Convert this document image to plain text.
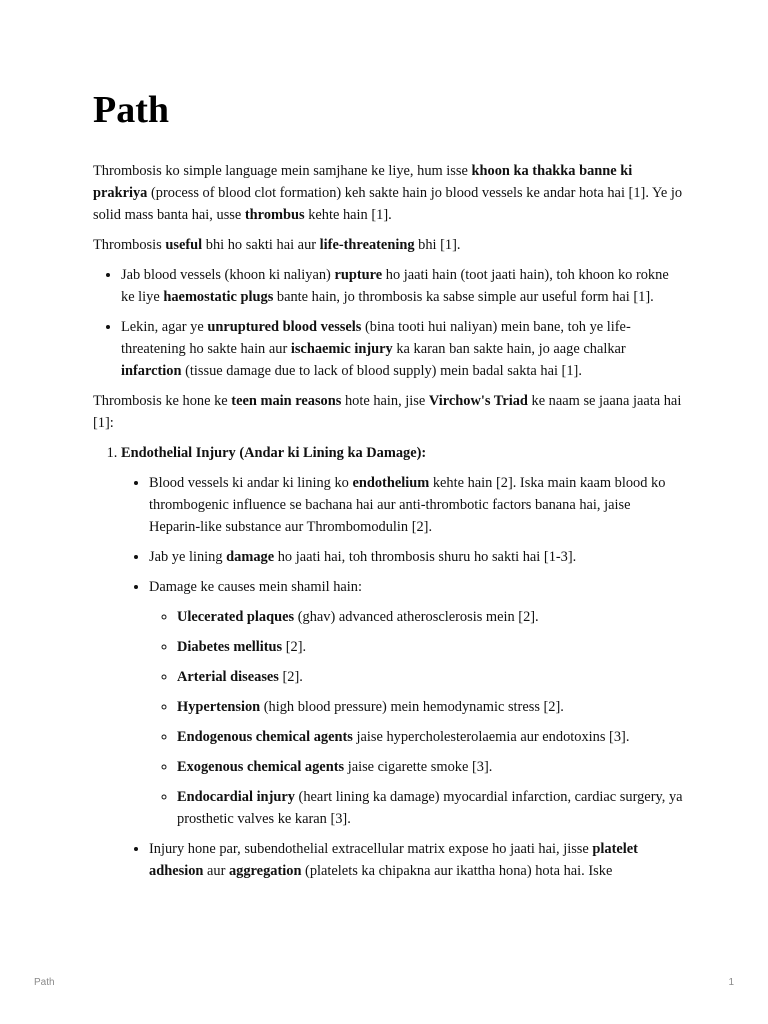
Path

Thrombosis ko simple language mein samjhane ke liye, hum isse khoon ka thakka banne ki prakriya (process of blood clot formation) keh sakte hain jo blood vessels ke andar hota hai [1]. Ye jo solid mass banta hai, usse thrombus kehte hain [1].

Thrombosis useful bhi ho sakti hai aur life-threatening bhi [1].

• Jab blood vessels (khoon ki naliyan) rupture ho jaati hain (toot jaati hain), toh khoon ko rokne ke liye haemostatic plugs bante hain, jo thrombosis ka sabse simple aur useful form hai [1].
• Lekin, agar ye unruptured blood vessels (bina tooti hui naliyan) mein bane, toh ye life-threatening ho sakte hain aur ischaemic injury ka karan ban sakte hain, jo aage chalkar infarction (tissue damage due to lack of blood supply) mein badal sakta hai [1].

Thrombosis ke hone ke teen main reasons hote hain, jise Virchow's Triad ke naam se jaana jaata hai [1]:

1. Endothelial Injury (Andar ki Lining ka Damage):
• Blood vessels ki andar ki lining ko endothelium kehte hain [2]. Iska main kaam blood ko thrombogenic influence se bachana hai aur anti-thrombotic factors banana hai, jaise Heparin-like substance aur Thrombomodulin [2].
• Jab ye lining damage ho jaati hai, toh thrombosis shuru ho sakti hai [1-3].
• Damage ke causes mein shamil hain:
◦ Ulecerated plaques (ghav) advanced atherosclerosis mein [2].
◦ Diabetes mellitus [2].
◦ Arterial diseases [2].
◦ Hypertension (high blood pressure) mein hemodynamic stress [2].
◦ Endogenous chemical agents jaise hypercholesterolaemia aur endotoxins [3].
◦ Exogenous chemical agents jaise cigarette smoke [3].
◦ Endocardial injury (heart lining ka damage) myocardial infarction, cardiac surgery, ya prosthetic valves ke karan [3].
• Injury hone par, subendothelial extracellular matrix expose ho jaati hai, jisse platelet adhesion aur aggregation (platelets ka chipakna aur ikattha hona) hota hai. Iske
Path	1
